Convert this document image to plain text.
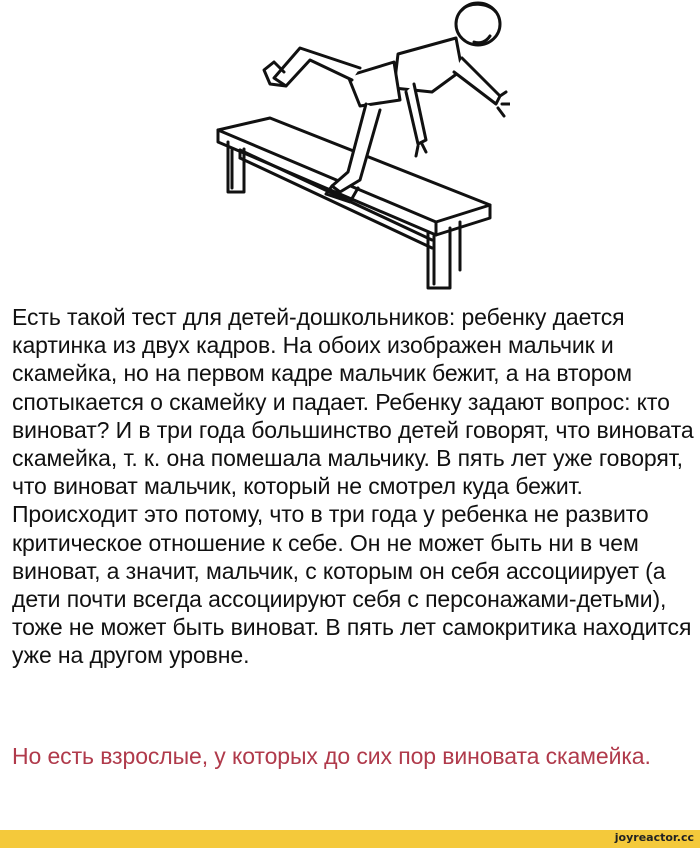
Есть такой тест для детей-дошкольников: ребенку дается картинка из двух кадров. На обоих изображен мальчик и скамейка, но на первом кадре мальчик бежит, а на втором спотыкается о скамейку и падает. Ребенку задают вопрос: кто виноват? И в три года большинство детей говорят, что виновата скамейка, т. к. она помешала мальчику. В пять лет уже говорят, что виноват мальчик, который не смотрел куда бежит. Происходит это потому, что в три года у ребенка не развито критическое отношение к себе. Он не может быть ни в чем виноват, а значит, мальчик, с которым он себя ассоциирует (а дети почти всегда ассоциируют себя с персонажами-детьми), тоже не может быть виноват. В пять лет самокритика находится уже на другом уровне.
Но есть взрослые, у которых до сих пор виновата скамейка.
joyreactor.cc
